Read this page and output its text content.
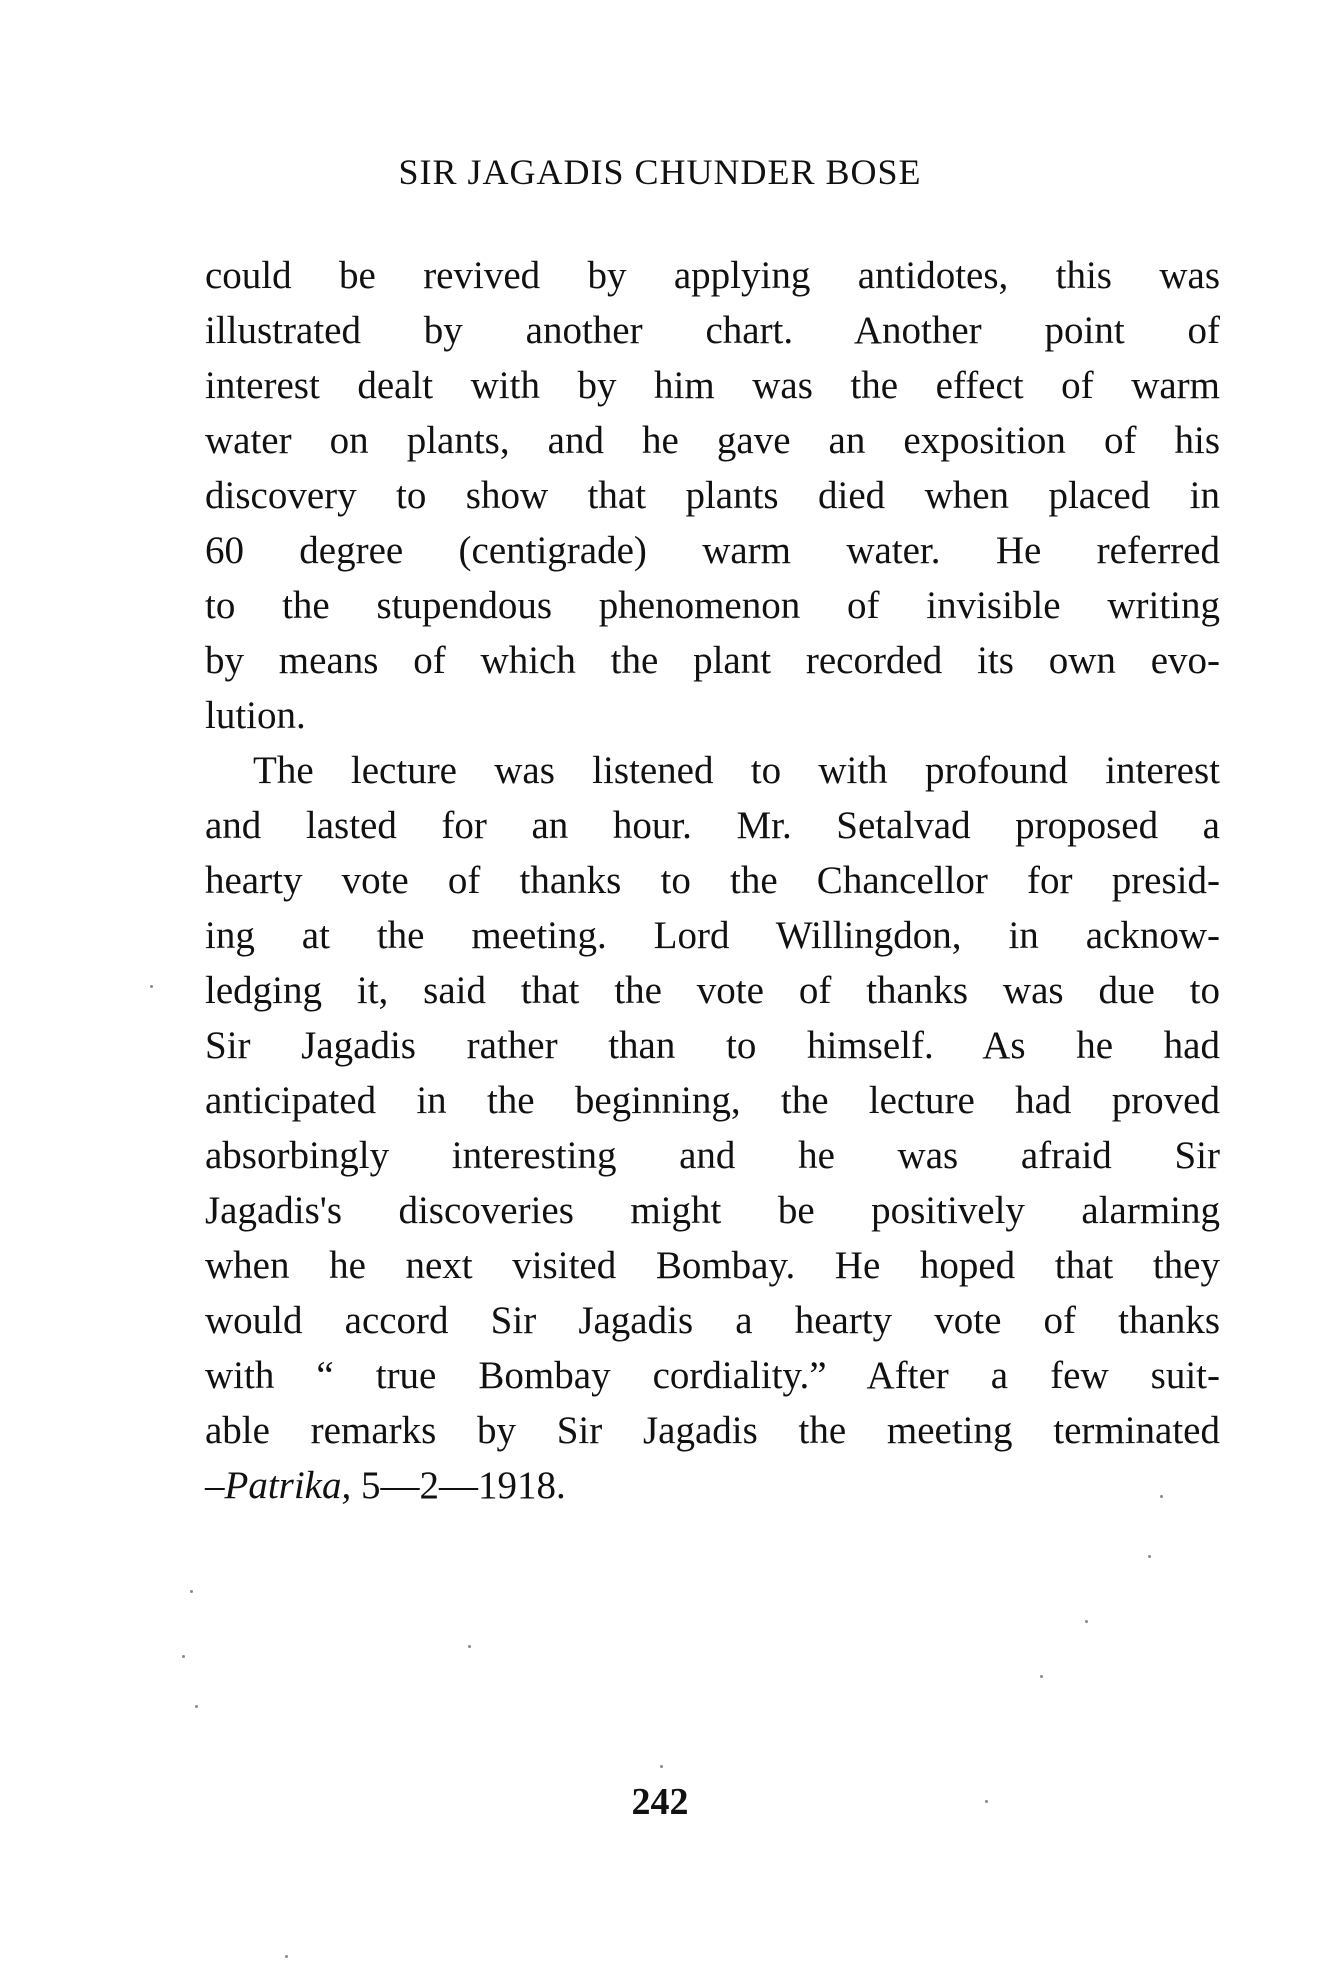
SIR JAGADIS CHUNDER BOSE
could be revived by applying antidotes, this was
illustrated by another chart. Another point of
interest dealt with by him was the effect of warm
water on plants, and he gave an exposition of his
discovery to show that plants died when placed in
60 degree (centigrade) warm water. He referred
to the stupendous phenomenon of invisible writing
by means of which the plant recorded its own evo-
lution.
The lecture was listened to with profound interest
and lasted for an hour. Mr. Setalvad proposed a
hearty vote of thanks to the Chancellor for presid-
ing at the meeting. Lord Willingdon, in acknow-
ledging it, said that the vote of thanks was due to
Sir Jagadis rather than to himself. As he had
anticipated in the beginning, the lecture had proved
absorbingly interesting and he was afraid Sir
Jagadis's discoveries might be positively alarming
when he next visited Bombay. He hoped that they
would accord Sir Jagadis a hearty vote of thanks
with “ true Bombay cordiality.” After a few suit-
able remarks by Sir Jagadis the meeting terminated
–Patrika, 5—2—1918.
242
